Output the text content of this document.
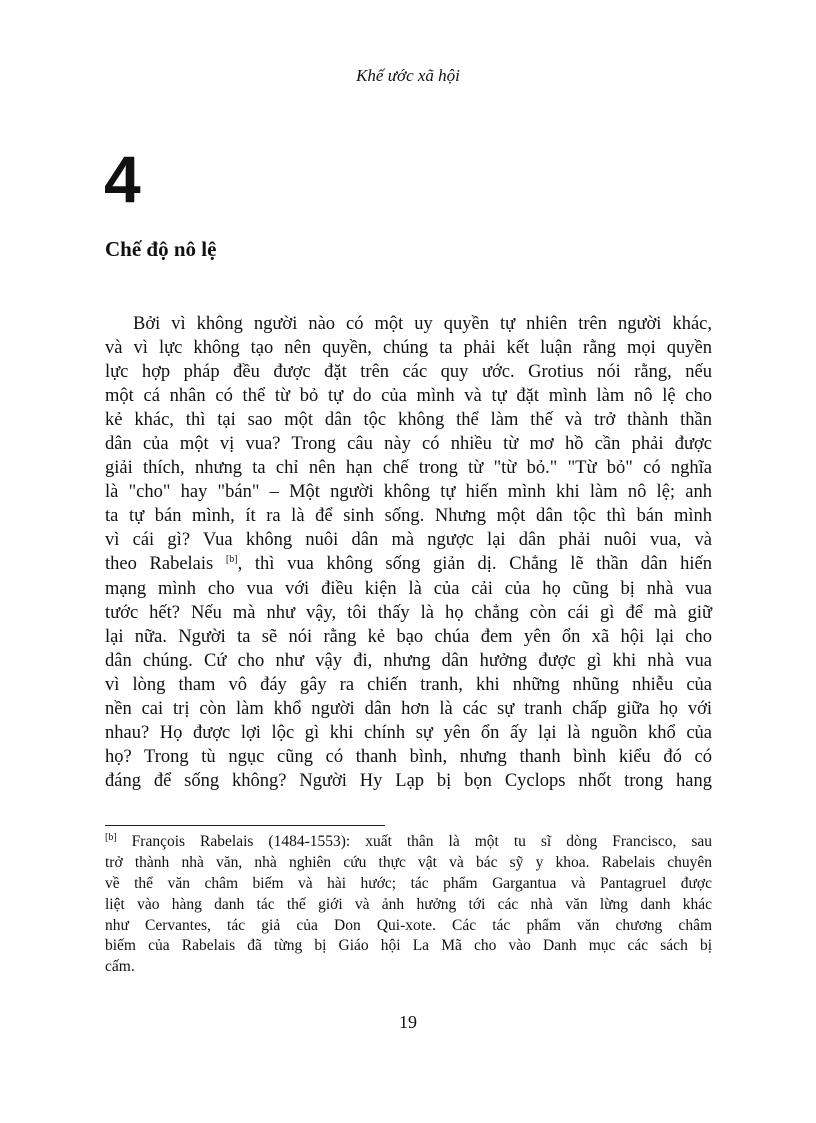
Khế ước xã hội
4
Chế độ nô lệ
Bởi vì không người nào có một uy quyền tự nhiên trên người khác,
và vì lực không tạo nên quyền, chúng ta phải kết luận rằng mọi quyền
lực hợp pháp đều được đặt trên các quy ước. Grotius nói rằng, nếu
một cá nhân có thể từ bỏ tự do của mình và tự đặt mình làm nô lệ cho
kẻ khác, thì tại sao một dân tộc không thể làm thế và trở thành thần
dân của một vị vua? Trong câu này có nhiều từ mơ hồ cần phải được
giải thích, nhưng ta chỉ nên hạn chế trong từ "từ bỏ." "Từ bỏ" có nghĩa
là "cho" hay "bán" – Một người không tự hiến mình khi làm nô lệ; anh
ta tự bán mình, ít ra là để sinh sống. Nhưng một dân tộc thì bán mình
vì cái gì? Vua không nuôi dân mà ngược lại dân phải nuôi vua, và
theo Rabelais [b], thì vua không sống giản dị. Chẳng lẽ thần dân hiến
mạng mình cho vua với điều kiện là của cải của họ cũng bị nhà vua
tước hết? Nếu mà như vậy, tôi thấy là họ chẳng còn cái gì để mà giữ
lại nữa. Người ta sẽ nói rằng kẻ bạo chúa đem yên ổn xã hội lại cho
dân chúng. Cứ cho như vậy đi, nhưng dân hưởng được gì khi nhà vua
vì lòng tham vô đáy gây ra chiến tranh, khi những nhũng nhiễu của
nền cai trị còn làm khổ người dân hơn là các sự tranh chấp giữa họ với
nhau? Họ được lợi lộc gì khi chính sự yên ổn ấy lại là nguồn khổ của
họ? Trong tù ngục cũng có thanh bình, nhưng thanh bình kiểu đó có
đáng để sống không? Người Hy Lạp bị bọn Cyclops nhốt trong hang
[b] François Rabelais (1484-1553): xuất thân là một tu sĩ dòng Francisco, sau
trở thành nhà văn, nhà nghiên cứu thực vật và bác sỹ y khoa. Rabelais chuyên
về thể văn châm biếm và hài hước; tác phẩm Gargantua và Pantagruel được
liệt vào hàng danh tác thế giới và ảnh hưởng tới các nhà văn lừng danh khác
như Cervantes, tác giả của Don Qui-xote. Các tác phẩm văn chương châm
biếm của Rabelais đã từng bị Giáo hội La Mã cho vào Danh mục các sách bị
cấm.
19
